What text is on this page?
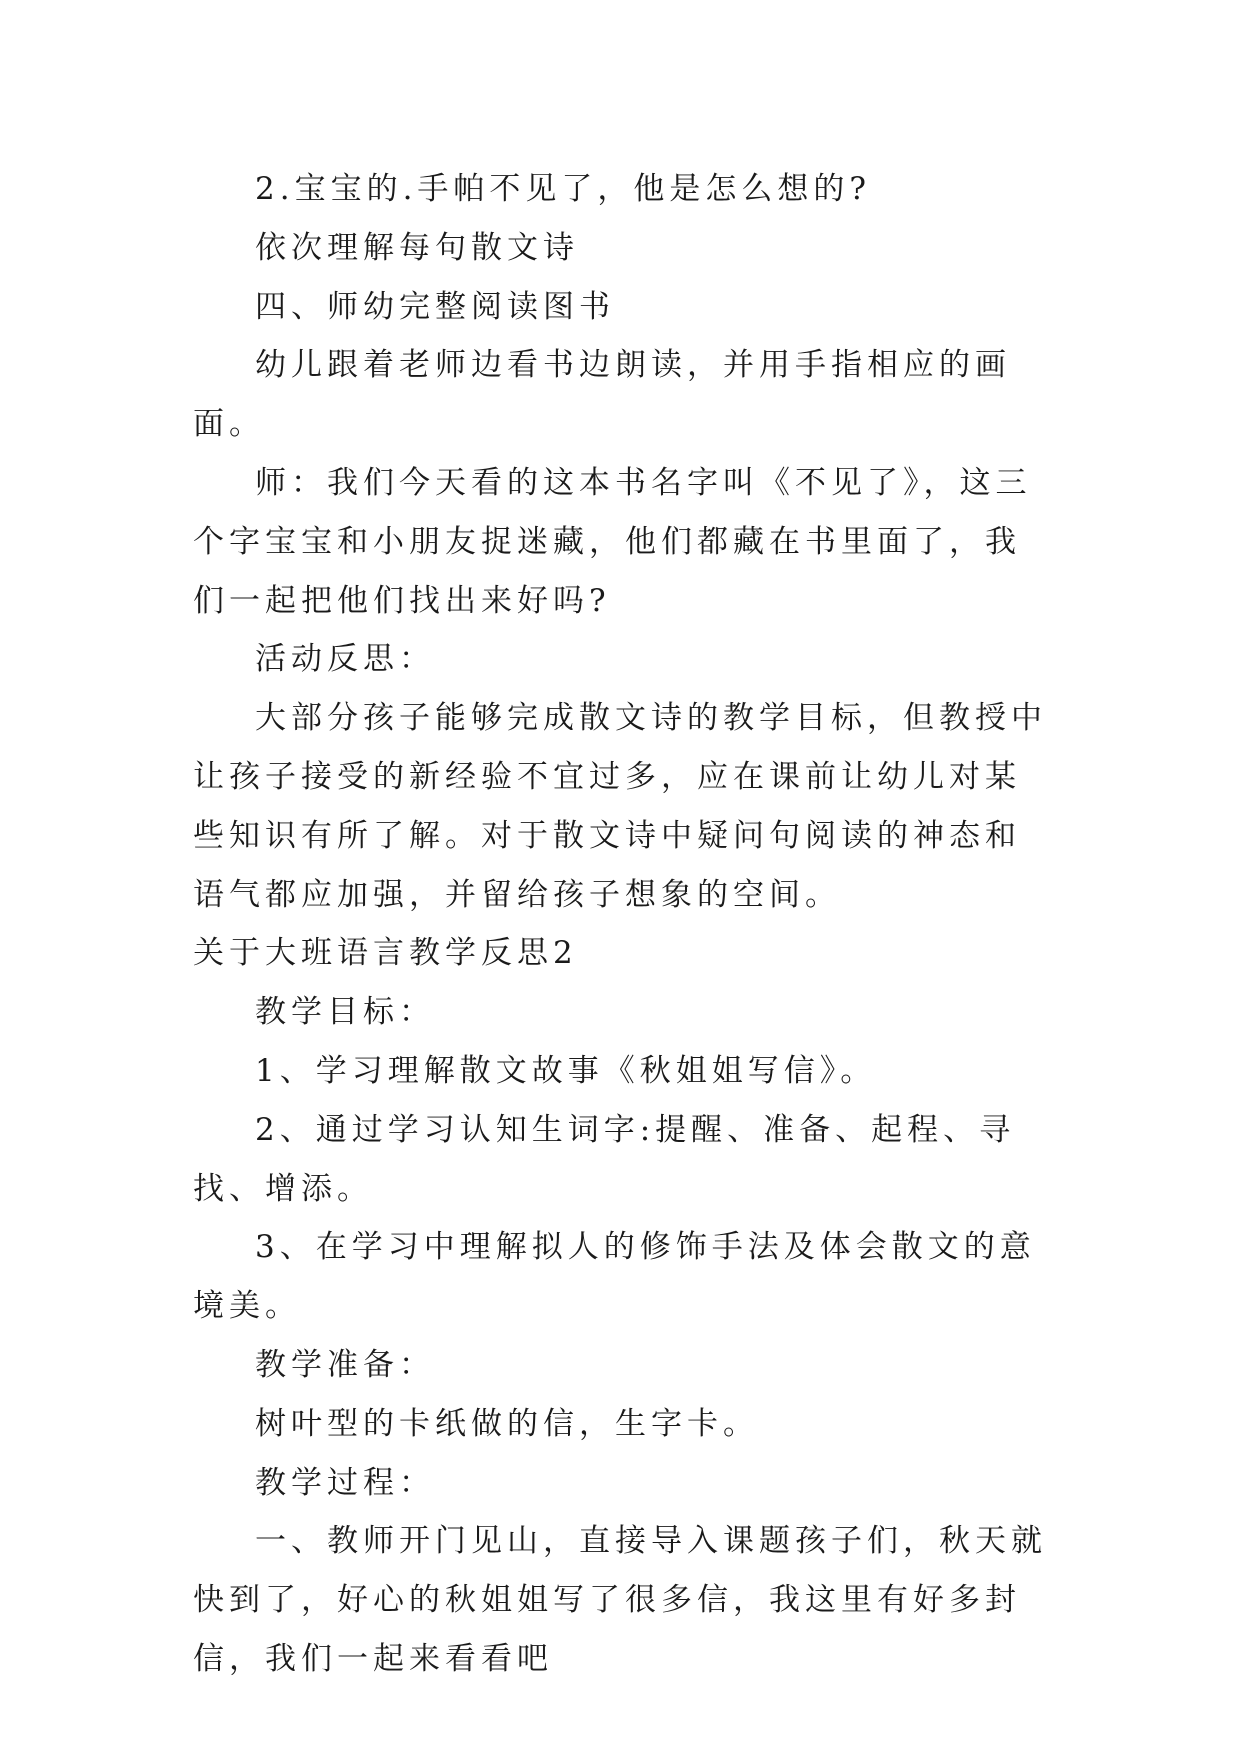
2.宝宝的.手帕不见了，他是怎么想的?

依次理解每句散文诗

四、师幼完整阅读图书

幼儿跟着老师边看书边朗读，并用手指相应的画面。

师：我们今天看的这本书名字叫《不见了》，这三个字宝宝和小朋友捉迷藏，他们都藏在书里面了，我们一起把他们找出来好吗?

活动反思：

大部分孩子能够完成散文诗的教学目标，但教授中让孩子接受的新经验不宜过多，应在课前让幼儿对某些知识有所了解。对于散文诗中疑问句阅读的神态和语气都应加强，并留给孩子想象的空间。

关于大班语言教学反思2

教学目标：

1、学习理解散文故事《秋姐姐写信》。

2、通过学习认知生词字:提醒、准备、起程、寻找、增添。

3、在学习中理解拟人的修饰手法及体会散文的意境美。

教学准备：

树叶型的卡纸做的信，生字卡。

教学过程：

一、教师开门见山，直接导入课题孩子们，秋天就快到了，好心的秋姐姐写了很多信，我这里有好多封信，我们一起来看看吧
